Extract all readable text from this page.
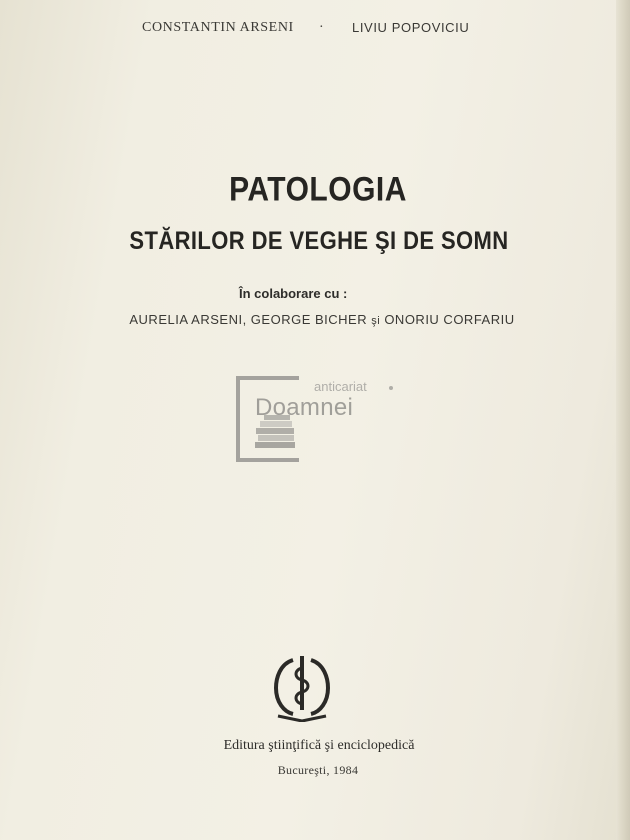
CONSTANTIN ARSENI · LIVIU POPOVICIU
PATOLOGIA
STĂRILOR DE VEGHE ŞI DE SOMN
În colaborare cu :
AURELIA ARSENI, GEORGE BICHER şi ONORIU CORFARIU
anticariat
Doamnei
Editura ştiinţifică şi enciclopedică
Bucureşti, 1984
